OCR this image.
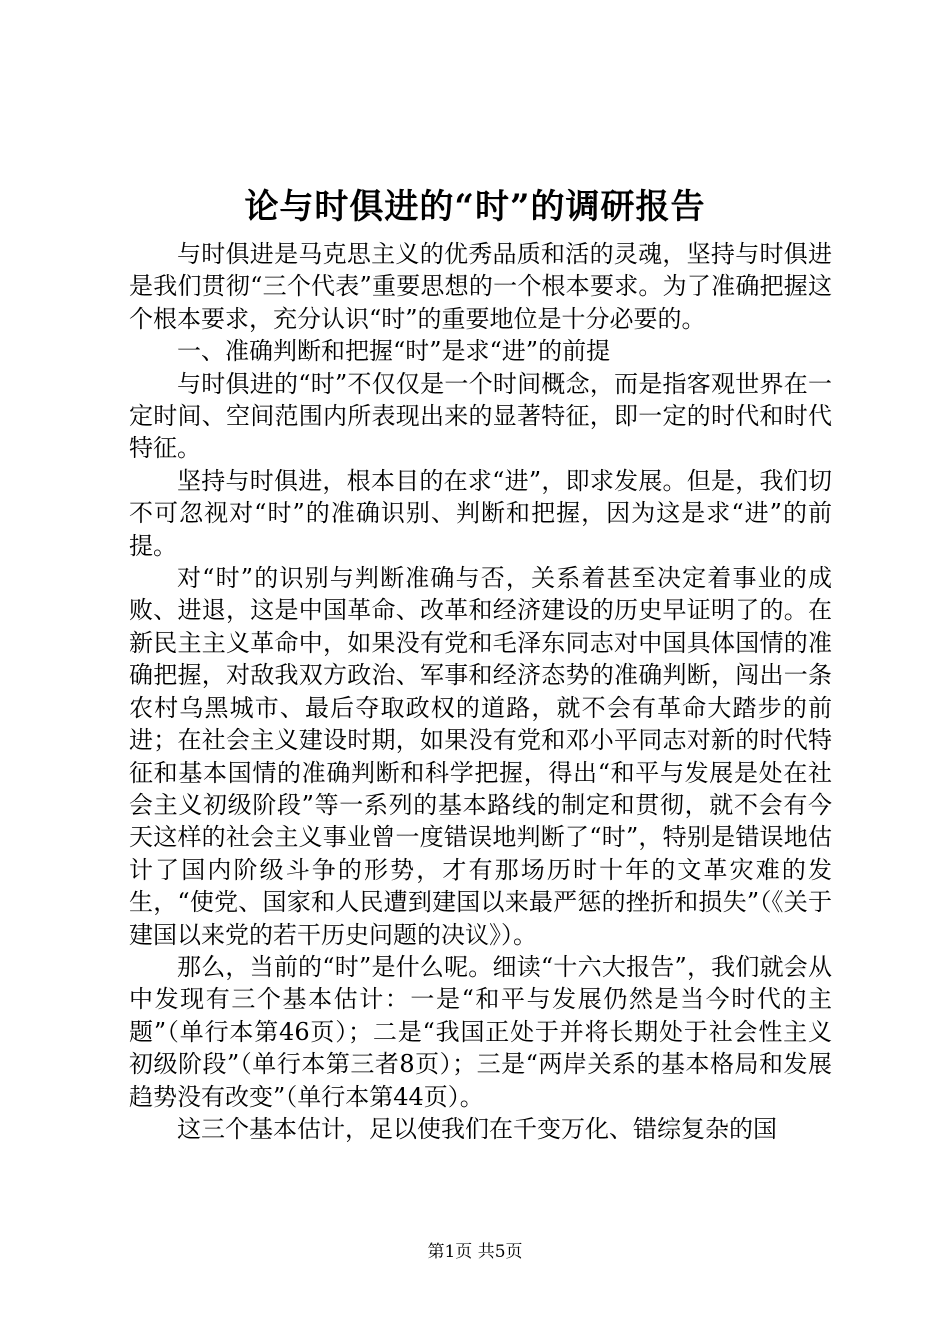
论与时俱进的“时”的调研报告

与时俱进是马克思主义的优秀品质和活的灵魂，坚持与时俱进是我们贯彻“三个代表”重要思想的一个根本要求。为了准确把握这个根本要求，充分认识“时”的重要地位是十分必要的。

一、准确判断和把握“时”是求“进”的前提

与时俱进的“时”不仅仅是一个时间概念，而是指客观世界在一定时间、空间范围内所表现出来的显著特征，即一定的时代和时代特征。

坚持与时俱进，根本目的在求“进”，即求发展。但是，我们切不可忽视对“时”的准确识别、判断和把握，因为这是求“进”的前提。

对“时”的识别与判断准确与否，关系着甚至决定着事业的成败、进退，这是中国革命、改革和经济建设的历史早证明了的。在新民主主义革命中，如果没有党和毛泽东同志对中国具体国情的准确把握，对敌我双方政治、军事和经济态势的准确判断，闯出一条农村乌黑城市、最后夺取政权的道路，就不会有革命大踏步的前进；在社会主义建设时期，如果没有党和邓小平同志对新的时代特征和基本国情的准确判断和科学把握，得出“和平与发展是处在社会主义初级阶段”等一系列的基本路线的制定和贯彻，就不会有今天这样的社会主义事业曾一度错误地判断了“时”，特别是错误地估计了国内阶级斗争的形势，才有那场历时十年的文革灾难的发生，“使党、国家和人民遭到建国以来最严惩的挫折和损失”（《关于建国以来党的若干历史问题的决议》）。

那么，当前的“时”是什么呢。细读“十六大报告”，我们就会从中发现有三个基本估计：一是“和平与发展仍然是当今时代的主题”（单行本第46页）；二是“我国正处于并将长期处于社会性主义初级阶段”（单行本第三者8页）；三是“两岸关系的基本格局和发展趋势没有改变”（单行本第44页）。

这三个基本估计，足以使我们在千变万化、错综复杂的国

第1页 共5页
